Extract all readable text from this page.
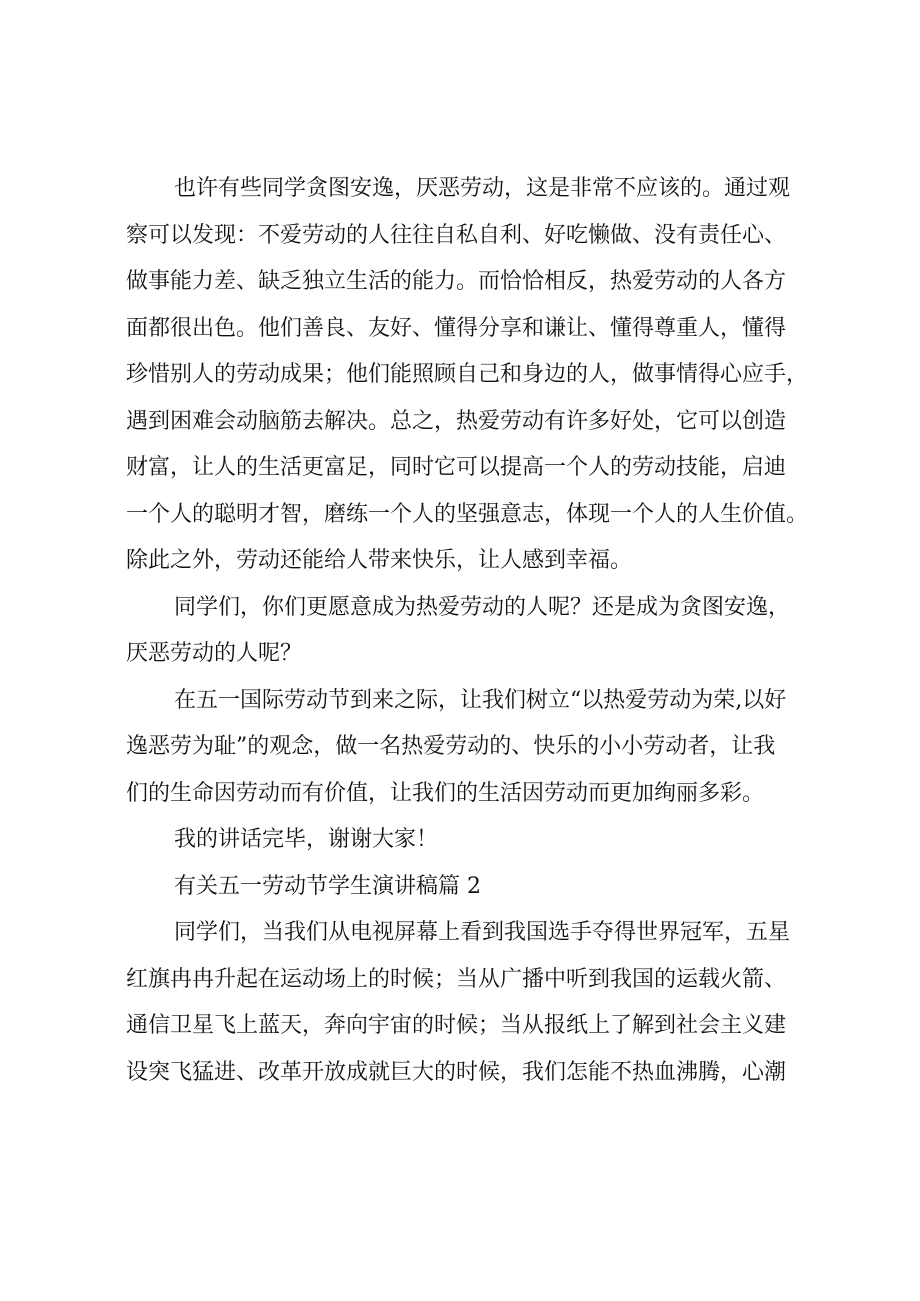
也许有些同学贪图安逸，厌恶劳动，这是非常不应该的。通过观
察可以发现：不爱劳动的人往往自私自利、好吃懒做、没有责任心、
做事能力差、缺乏独立生活的能力。而恰恰相反，热爱劳动的人各方
面都很出色。他们善良、友好、懂得分享和谦让、懂得尊重人，懂得
珍惜别人的劳动成果；他们能照顾自己和身边的人，做事情得心应手，
遇到困难会动脑筋去解决。总之，热爱劳动有许多好处，它可以创造
财富，让人的生活更富足，同时它可以提高一个人的劳动技能，启迪
一个人的聪明才智，磨练一个人的坚强意志，体现一个人的人生价值。
除此之外，劳动还能给人带来快乐，让人感到幸福。
同学们，你们更愿意成为热爱劳动的人呢？还是成为贪图安逸，
厌恶劳动的人呢？
在五一国际劳动节到来之际，让我们树立“以热爱劳动为荣,以好
逸恶劳为耻”的观念，做一名热爱劳动的、快乐的小小劳动者，让我
们的生命因劳动而有价值，让我们的生活因劳动而更加绚丽多彩。
我的讲话完毕，谢谢大家！
有关五一劳动节学生演讲稿篇 2
同学们，当我们从电视屏幕上看到我国选手夺得世界冠军，五星
红旗冉冉升起在运动场上的时候；当从广播中听到我国的运载火箭、
通信卫星飞上蓝天，奔向宇宙的时候；当从报纸上了解到社会主义建
设突飞猛进、改革开放成就巨大的时候，我们怎能不热血沸腾，心潮
